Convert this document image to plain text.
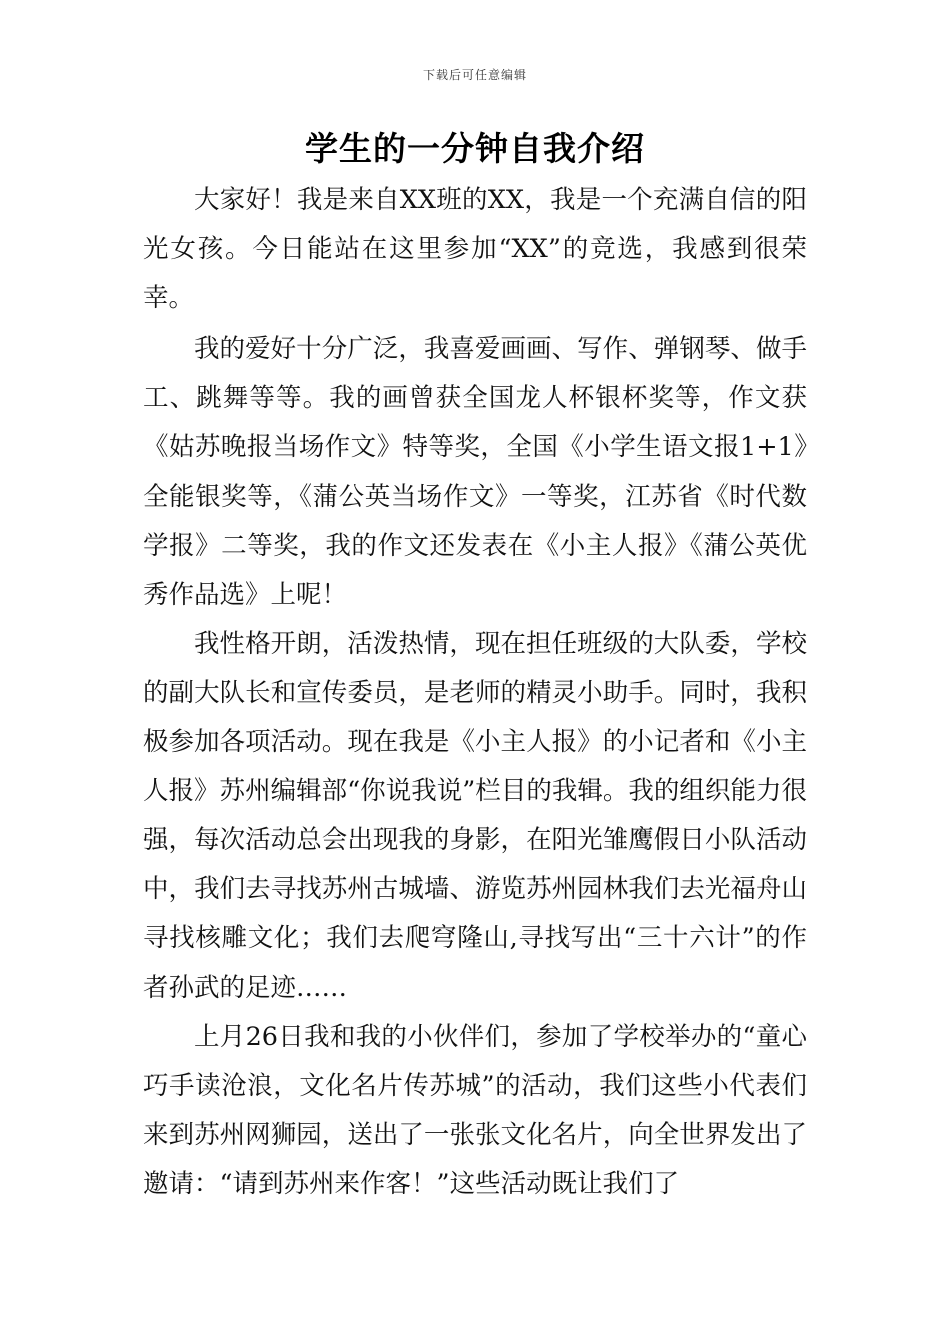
下载后可任意编辑
学生的一分钟自我介绍

大家好！我是来自XX班的XX，我是一个充满自信的阳光女孩。今日能站在这里参加“XX”的竞选，我感到很荣幸。

我的爱好十分广泛，我喜爱画画、写作、弹钢琴、做手工、跳舞等等。我的画曾获全国龙人杯银杯奖等，作文获《姑苏晚报当场作文》特等奖，全国《小学生语文报1+1》全能银奖等，《蒲公英当场作文》一等奖，江苏省《时代数学报》二等奖，我的作文还发表在《小主人报》《蒲公英优秀作品选》上呢！

我性格开朗，活泼热情，现在担任班级的大队委，学校的副大队长和宣传委员，是老师的精灵小助手。同时，我积极参加各项活动。现在我是《小主人报》的小记者和《小主人报》苏州编辑部“你说我说”栏目的我辑。我的组织能力很强，每次活动总会出现我的身影，在阳光雏鹰假日小队活动中，我们去寻找苏州古城墙、游览苏州园林我们去光福舟山寻找核雕文化；我们去爬穹隆山,寻找写出“三十六计”的作者孙武的足迹……

上月26日我和我的小伙伴们，参加了学校举办的“童心巧手读沧浪，文化名片传苏城”的活动，我们这些小代表们来到苏州网狮园，送出了一张张文化名片，向全世界发出了邀请：“请到苏州来作客！”这些活动既让我们了
